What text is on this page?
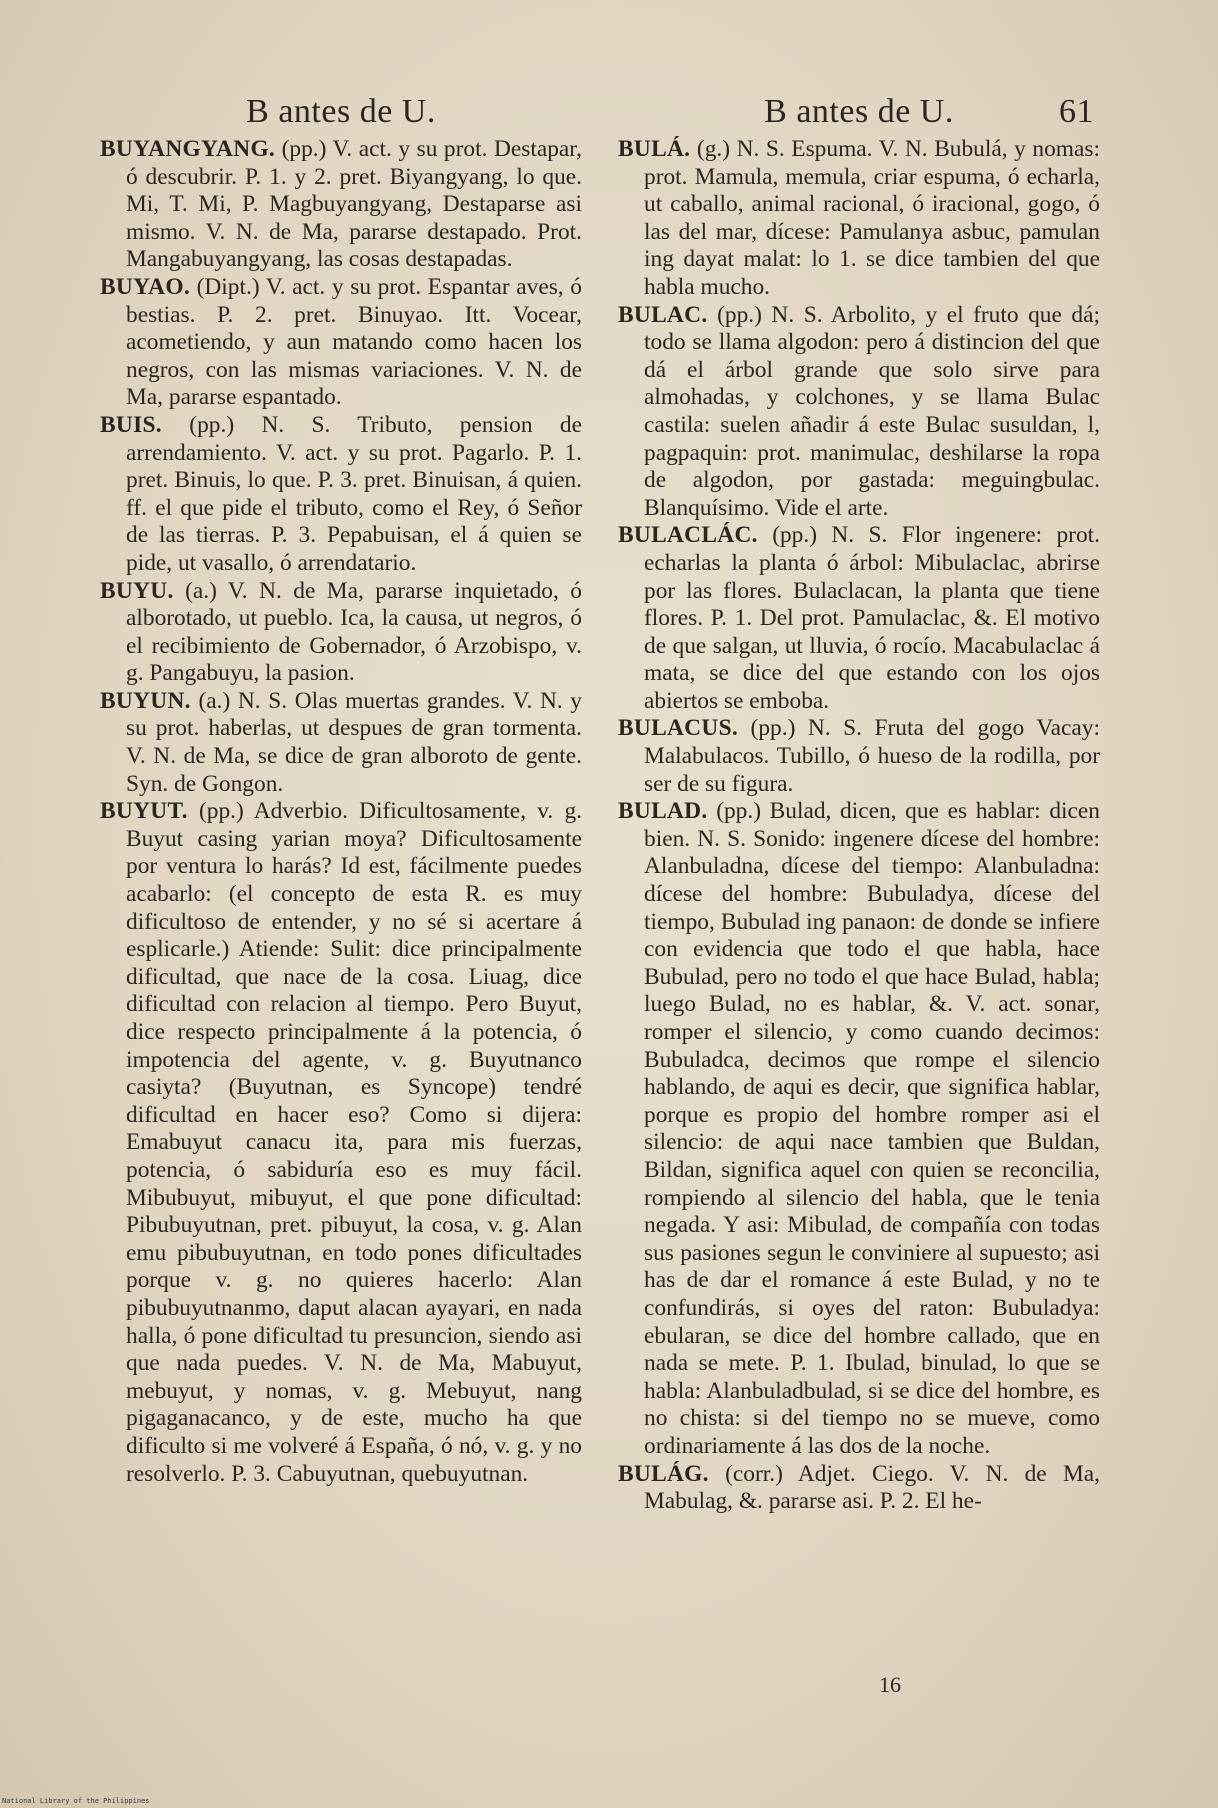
B antes de U.

BUYANGYANG. (pp.) V. act. y su prot. Destapar, ó descubrir. P. 1. y 2. pret. Biyangyang, lo que. Mi, T. Mi, P. Magbuyangyang, Destaparse asi mismo. V. N. de Ma, pararse destapado. Prot. Mangabuyangyang, las cosas destapadas.

BUYAO. (Dipt.) V. act. y su prot. Espantar aves, ó bestias. P. 2. pret. Binuyao. Itt. Vocear, acometiendo, y aun matando como hacen los negros, con las mismas variaciones. V. N. de Ma, pararse espantado.

BUIS. (pp.) N. S. Tributo, pension de arrendamiento. V. act. y su prot. Pagarlo. P. 1. pret. Binuis, lo que. P. 3. pret. Binuisan, á quien. ff. el que pide el tributo, como el Rey, ó Señor de las tierras. P. 3. Pepabuisan, el á quien se pide, ut vasallo, ó arrendatario.

BUYU. (a.) V. N. de Ma, pararse inquietado, ó alborotado, ut pueblo. Ica, la causa, ut negros, ó el recibimiento de Gobernador, ó Arzobispo, v. g. Pangabuyu, la pasion.

BUYUN. (a.) N. S. Olas muertas grandes. V. N. y su prot. haberlas, ut despues de gran tormenta. V. N. de Ma, se dice de gran alboroto de gente. Syn. de Gongon.

BUYUT. (pp.) Adverbio. Dificultosamente, v. g. Buyut casing yarian moya? Dificultosamente por ventura lo harás? Id est, fácilmente puedes acabarlo: (el concepto de esta R. es muy dificultoso de entender, y no sé si acertare á esplicarle.) Atiende: Sulit: dice principalmente dificultad, que nace de la cosa. Liuag, dice dificultad con relacion al tiempo. Pero Buyut, dice respecto principalmente á la potencia, ó impotencia del agente, v. g. Buyutnanco casiyta? (Buyutnan, es Syncope) tendré dificultad en hacer eso? Como si dijera: Emabuyut canacu ita, para mis fuerzas, potencia, ó sabiduría eso es muy fácil. Mibubuyut, mibuyut, el que pone dificultad: Pibubuyutnan, pret. pibuyut, la cosa, v. g. Alan emu pibubuyutnan, en todo pones dificultades porque v. g. no quieres hacerlo: Alan pibubuyutnanmo, daput alacan ayayari, en nada halla, ó pone dificultad tu presuncion, siendo asi que nada puedes. V. N. de Ma, Mabuyut, mebuyut, y nomas, v. g. Mebuyut, nang pigaganacanco, y de este, mucho ha que dificulto si me volveré á España, ó nó, v. g. y no resolverlo. P. 3. Cabuyutnan, quebuyutnan.

B antes de U.	61

BULÁ. (g.) N. S. Espuma. V. N. Bubulá, y nomas: prot. Mamula, memula, criar espuma, ó echarla, ut caballo, animal racional, ó iracional, gogo, ó las del mar, dícese: Pamulanya asbuc, pamulan ing dayat malat: lo 1. se dice tambien del que habla mucho.

BULAC. (pp.) N. S. Arbolito, y el fruto que dá; todo se llama algodon: pero á distincion del que dá el árbol grande que solo sirve para almohadas, y colchones, y se llama Bulac castila: suelen añadir á este Bulac susuldan, l, pagpaquin: prot. manimulac, deshilarse la ropa de algodon, por gastada: meguingbulac. Blanquísimo. Vide el arte.

BULACLÁC. (pp.) N. S. Flor ingenere: prot. echarlas la planta ó árbol: Mibulaclac, abrirse por las flores. Bulaclacan, la planta que tiene flores. P. 1. Del prot. Pamulaclac, &. El motivo de que salgan, ut lluvia, ó rocío. Macabulaclac á mata, se dice del que estando con los ojos abiertos se emboba.

BULACUS. (pp.) N. S. Fruta del gogo Vacay: Malabulacos. Tubillo, ó hueso de la rodilla, por ser de su figura.

BULAD. (pp.) Bulad, dicen, que es hablar: dicen bien. N. S. Sonido: ingenere dícese del hombre: Alanbuladna, dícese del tiempo: Alanbuladna: dícese del hombre: Bubuladya, dícese del tiempo, Bubulad ing panaon: de donde se infiere con evidencia que todo el que habla, hace Bubulad, pero no todo el que hace Bulad, habla; luego Bulad, no es hablar, &. V. act. sonar, romper el silencio, y como cuando decimos: Bubuladca, decimos que rompe el silencio hablando, de aqui es decir, que significa hablar, porque es propio del hombre romper asi el silencio: de aqui nace tambien que Buldan, Bildan, significa aquel con quien se reconcilia, rompiendo al silencio del habla, que le tenia negada. Y asi: Mibulad, de compañía con todas sus pasiones segun le conviniere al supuesto; asi has de dar el romance á este Bulad, y no te confundirás, si oyes del raton: Bubuladya: ebularan, se dice del hombre callado, que en nada se mete. P. 1. Ibulad, binulad, lo que se habla: Alanbuladbulad, si se dice del hombre, es no chista: si del tiempo no se mueve, como ordinariamente á las dos de la noche.

BULÁG. (corr.) Adjet. Ciego. V. N. de Ma, Mabulag, &. pararse asi. P. 2. El he-

16
National Library of the Philippines
